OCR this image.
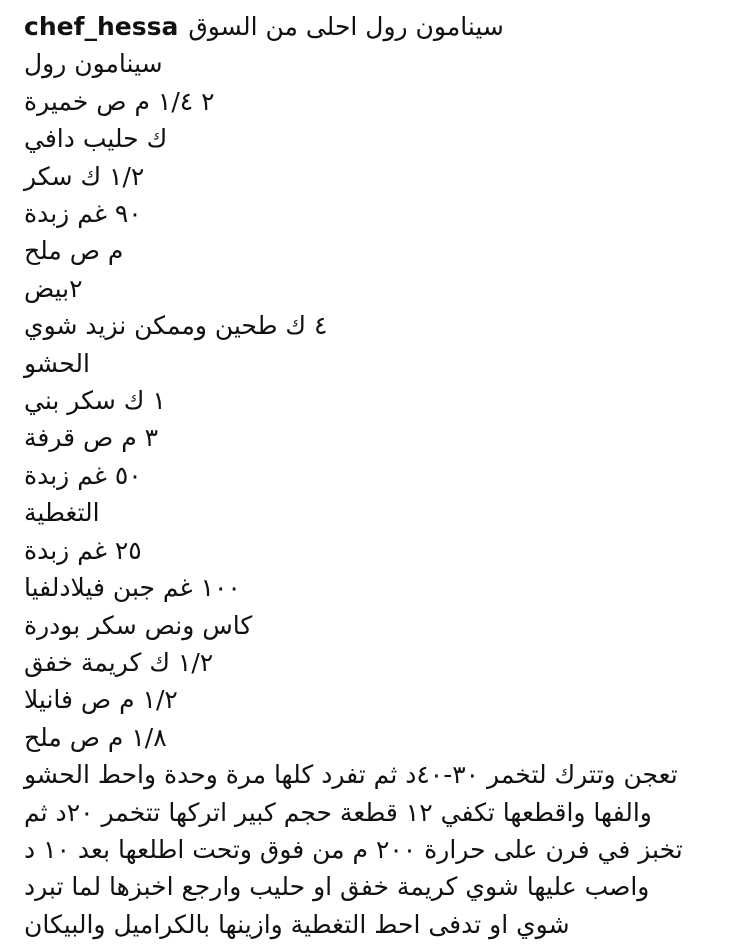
chef_hessa سينامون رول احلى من السوق
سينامون رول
٢ ١/٤ م ص خميرة
ك حليب دافي
١/٢ ك سكر
٩٠ غم زبدة
م ص ملح
٢بيض
٤ ك طحين وممكن نزيد شوي
الحشو
١ ك سكر بني
٣ م ص قرفة
٥٠ غم زبدة
التغطية
٢٥ غم زبدة
١٠٠ غم جبن فيلادلفيا
كاس ونص سكر بودرة
١/٢ ك كريمة خفق
١/٢ م ص فانيلا
١/٨ م ص ملح
تعجن وتترك لتخمر ٣٠-٤٠د ثم تفرد كلها مرة وحدة واحط الحشو
والفها واقطعها تكفي ١٢ قطعة حجم كبير اتركها تتخمر ٢٠د ثم
تخبز في فرن على حرارة ٢٠٠ م من فوق وتحت اطلعها بعد ١٠ د
واصب عليها شوي كريمة خفق او حليب وارجع اخبزها لما تبرد
شوي او تدفى احط التغطية وازينها بالكراميل والبيكان
